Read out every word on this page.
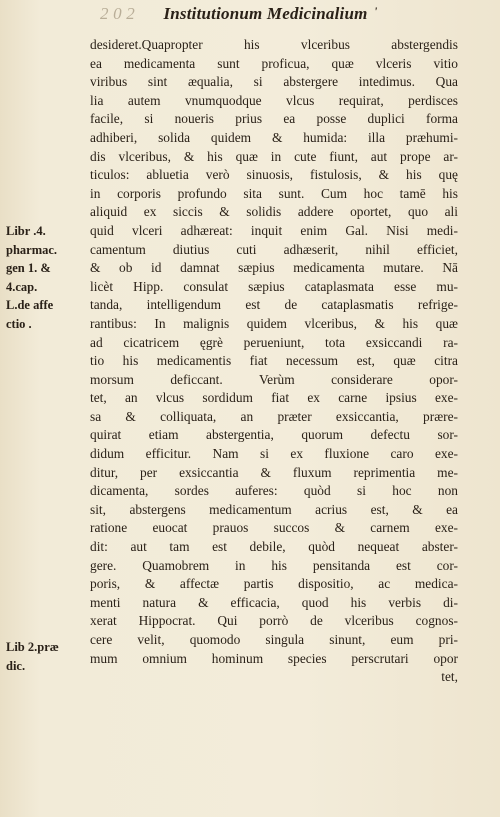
2 0 2 Institutionum Medicinalium '
Libr .4.
pharmac.
gen 1. &
4.cap.
L.de affe
ctio .
Lib 2.præ
dic.
desideret.Quapropter his vlceribus abstergendis
ea medicamenta sunt proficua, quæ vlceris vitio
viribus sint æqualia, si abstergere intedimus. Qua
lia autem vnumquodque vlcus requirat, perdisces
facile, si noueris prius ea posse duplici forma
adhiberi, solida quidem & humida: illa præhumi-
dis vlceribus, & his quæ in cute fiunt, aut prope ar-
ticulos: abluetia verò sinuosis, fistulosis, & his quę
in corporis profundo sita sunt. Cum hoc tamē his
aliquid ex siccis & solidis addere oportet, quo ali
quid vlceri adhæreat: inquit enim Gal. Nisi medi-
camentum diutius cuti adhæserit, nihil efficiet,
& ob id damnat sæpius medicamenta mutare. Nā
licèt Hipp. consulat sæpius cataplasmata esse mu-
tanda, intelligendum est de cataplasmatis refrige-
rantibus: In malignis quidem vlceribus, & his quæ
ad cicatricem ęgrè perueniunt, tota exsiccandi ra-
tio his medicamentis fiat necessum est, quæ citra
morsum deficcant. Verùm considerare opor-
tet, an vlcus sordidum fiat ex carne ipsius exe-
sa & colliquata, an præter exsiccantia, prære-
quirat etiam abstergentia, quorum defectu sor-
didum efficitur. Nam si ex fluxione caro exe-
ditur, per exsiccantia & fluxum reprimentia me-
dicamenta, sordes auferes: quòd si hoc non
sit, abstergens medicamentum acrius est, & ea
ratione euocat prauos succos & carnem exe-
dit: aut tam est debile, quòd nequeat abster-
gere. Quamobrem in his pensitanda est cor-
poris, & affectæ partis dispositio, ac medica-
menti natura & efficacia, quod his verbis di-
xerat Hippocrat. Qui porrò de vlceribus cognos-
cere velit, quomodo singula sinunt, eum pri-
mum omnium hominum species perscrutari opor
tet,
